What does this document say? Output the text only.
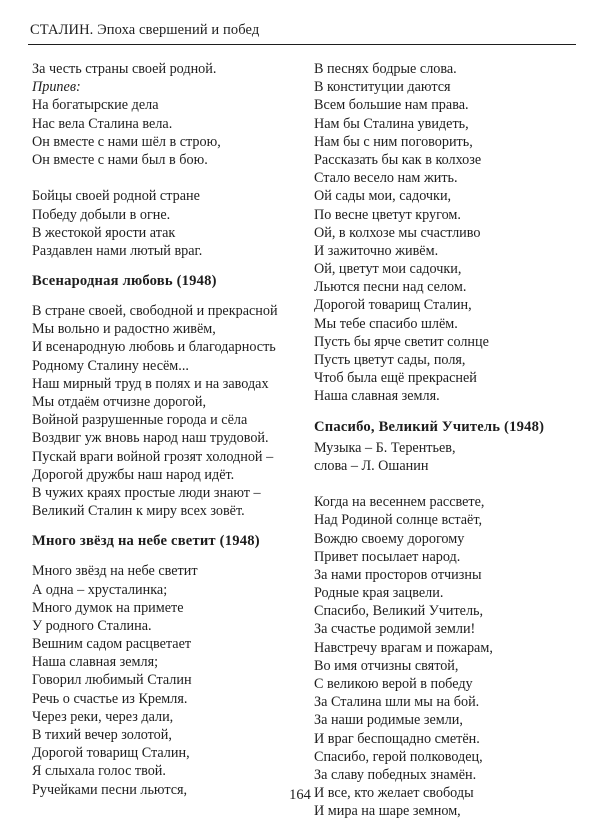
СТАЛИН. Эпоха свершений и побед
За честь страны своей родной.
Припев:
На богатырские дела
Нас вела Сталина вела.
Он вместе с нами шёл в строю,
Он вместе с нами был в бою.
Бойцы своей родной стране
Победу добыли в огне.
В жестокой ярости атак
Раздавлен нами лютый враг.
Всенародная любовь (1948)
В стране своей, свободной и прекрасной
Мы вольно и радостно живём,
И всенародную любовь и благодарность
Родному Сталину несём...
Наш мирный труд в полях и на заводах
Мы отдаём отчизне дорогой,
Войной разрушенные города и сёла
Воздвиг уж вновь народ наш трудовой.
Пускай враги войной грозят холодной –
Дорогой дружбы наш народ идёт.
В чужих краях простые люди знают –
Великий Сталин к миру всех зовёт.
Много звёзд на небе светит (1948)
Много звёзд на небе светит
А одна – хрусталинка;
Много думок на примете
У родного Сталина.
Вешним садом расцветает
Наша славная земля;
Говорил любимый Сталин
Речь о счастье из Кремля.
Через реки, через дали,
В тихий вечер золотой,
Дорогой товарищ Сталин,
Я слыхала голос твой.
Ручейками песни льются,
В песнях бодрые слова.
В конституции даются
Всем большие нам права.
Нам бы Сталина увидеть,
Нам бы с ним поговорить,
Рассказать бы как в колхозе
Стало весело нам жить.
Ой сады мои, садочки,
По весне цветут кругом.
Ой, в колхозе мы счастливо
И зажиточно живём.
Ой, цветут мои садочки,
Льются песни над селом.
Дорогой товарищ Сталин,
Мы тебе спасибо шлём.
Пусть бы ярче светит солнце
Пусть цветут сады, поля,
Чтоб была ещё прекрасней
Наша славная земля.
Спасибо, Великий Учитель (1948)
Музыка – Б. Терентьев,
слова – Л. Ошанин
Когда на весеннем рассвете,
Над Родиной солнце встаёт,
Вождю своему дорогому
Привет посылает народ.
За нами просторов отчизны
Родные края зацвели.
Спасибо, Великий Учитель,
За счастье родимой земли!
Навстречу врагам и пожарам,
Во имя отчизны святой,
С великою верой в победу
За Сталина шли мы на бой.
За наши родимые земли,
И враг беспощадно сметён.
Спасибо, герой полководец,
За славу победных знамён.
И все, кто желает свободы
И мира на шаре земном,
164
